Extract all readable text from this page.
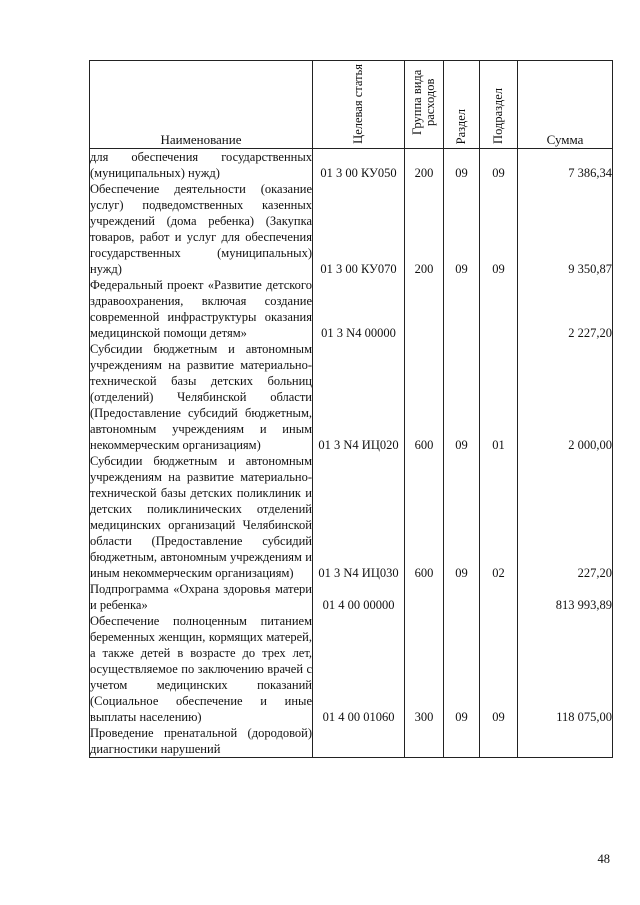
Наименование	Целевая статья	Группа вида расходов	Раздел	Подраздел	Сумма
для обеспечения государственных (муниципальных) нужд)	01 3 00 КУ050	200	09	09	7 386,34
Обеспечение деятельности (оказание услуг) подведомственных казенных учреждений (дома ребенка) (Закупка товаров, работ и услуг для обеспечения государственных (муниципальных) нужд)	01 3 00 КУ070	200	09	09	9 350,87
Федеральный проект «Развитие детского здравоохранения, включая создание современной инфраструктуры оказания медицинской помощи детям»	01 3 N4 00000				2 227,20
Субсидии бюджетным и автономным учреждениям на развитие материально-технической базы детских больниц (отделений) Челябинской области (Предоставление субсидий бюджетным, автономным учреждениям и иным некоммерческим организациям)	01 3 N4 ИЦ020	600	09	01	2 000,00
Субсидии бюджетным и автономным учреждениям на развитие материально-технической базы детских поликлиник и детских поликлинических отделений медицинских организаций Челябинской области (Предоставление субсидий бюджетным, автономным учреждениям и иным некоммерческим организациям)	01 3 N4 ИЦ030	600	09	02	227,20
Подпрограмма «Охрана здоровья матери и ребенка»	01 4 00 00000				813 993,89
Обеспечение полноценным питанием беременных женщин, кормящих матерей, а также детей в возрасте до трех лет, осуществляемое по заключению врачей с учетом медицинских показаний (Социальное обеспечение и иные выплаты населению)	01 4 00 01060	300	09	09	118 075,00
Проведение пренатальной (дородовой) диагностики нарушений					
48
